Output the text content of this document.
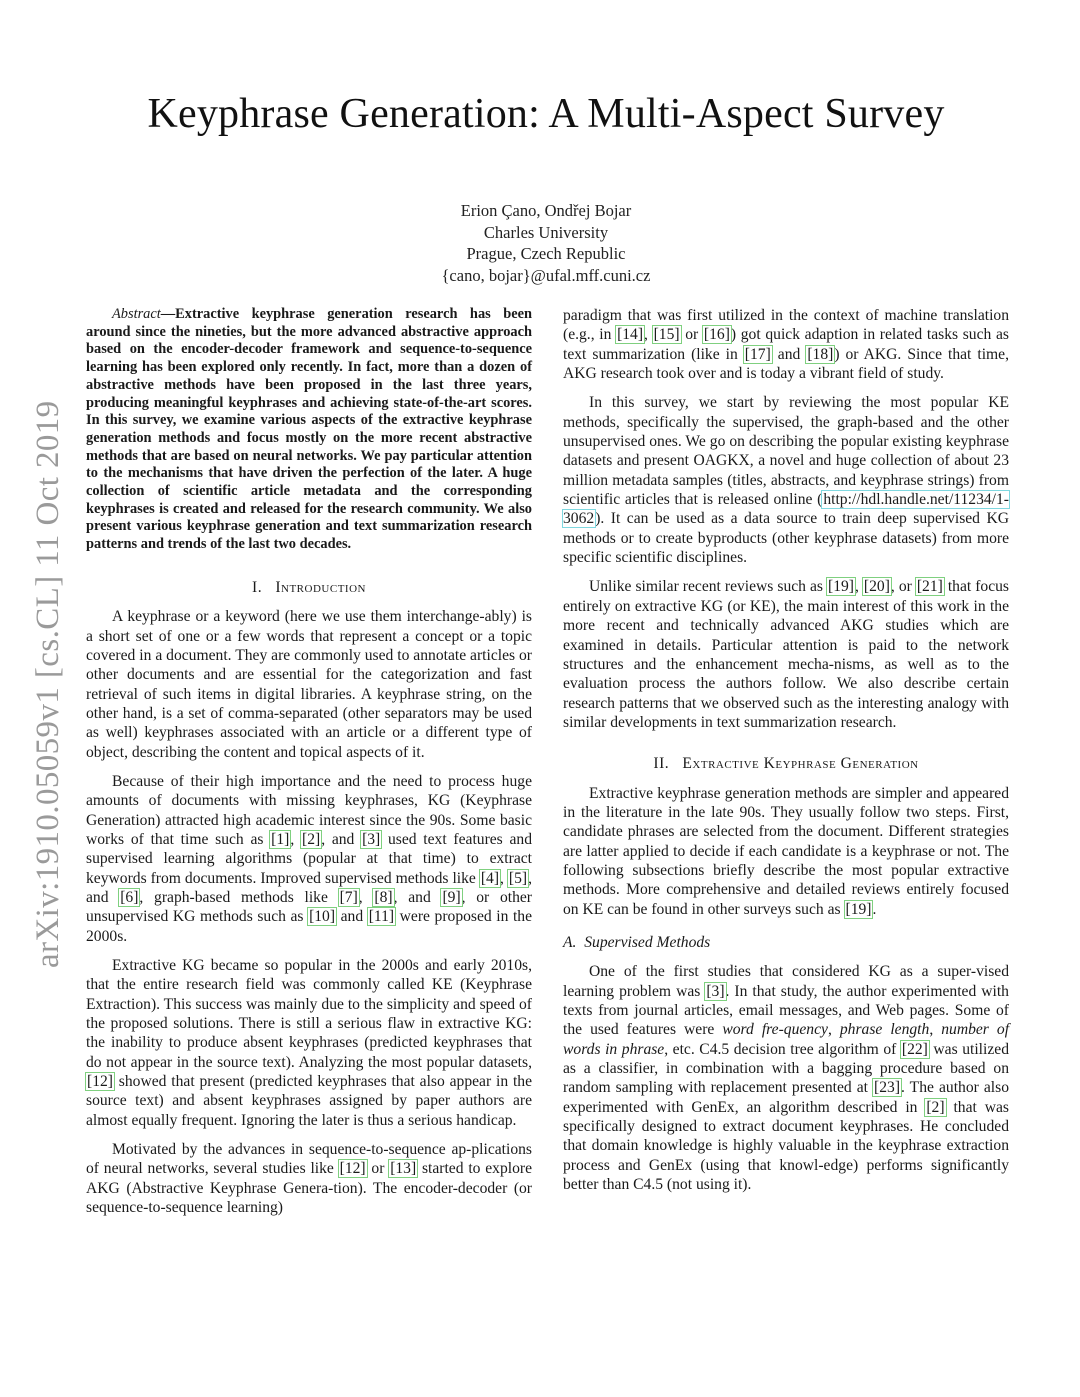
Keyphrase Generation: A Multi-Aspect Survey
Erion Çano, Ondřej Bojar
Charles University
Prague, Czech Republic
{cano, bojar}@ufal.mff.cuni.cz
arXiv:1910.05059v1 [cs.CL] 11 Oct 2019

Abstract—Extractive keyphrase generation research has been around since the nineties, but the more advanced abstractive approach based on the encoder-decoder framework and sequence-to-sequence learning has been explored only recently. In fact, more than a dozen of abstractive methods have been proposed in the last three years, producing meaningful keyphrases and achieving state-of-the-art scores. In this survey, we examine various aspects of the extractive keyphrase generation methods and focus mostly on the more recent abstractive methods that are based on neural networks. We pay particular attention to the mechanisms that have driven the perfection of the later. A huge collection of scientific article metadata and the corresponding keyphrases is created and released for the research community. We also present various keyphrase generation and text summarization research patterns and trends of the last two decades.

I. Introduction

A keyphrase or a keyword (here we use them interchange-ably) is a short set of one or a few words that represent a concept or a topic covered in a document. They are commonly used to annotate articles or other documents and are essential for the categorization and fast retrieval of such items in digital libraries. A keyphrase string, on the other hand, is a set of comma-separated (other separators may be used as well) keyphrases associated with an article or a different type of object, describing the content and topical aspects of it.

Because of their high importance and the need to process huge amounts of documents with missing keyphrases, KG (Keyphrase Generation) attracted high academic interest since the 90s. Some basic works of that time such as [1], [2], and [3] used text features and supervised learning algorithms (popular at that time) to extract keywords from documents. Improved supervised methods like [4], [5], and [6], graph-based methods like [7], [8], and [9], or other unsupervised KG methods such as [10] and [11] were proposed in the 2000s.

Extractive KG became so popular in the 2000s and early 2010s, that the entire research field was commonly called KE (Keyphrase Extraction). This success was mainly due to the simplicity and speed of the proposed solutions. There is still a serious flaw in extractive KG: the inability to produce absent keyphrases (predicted keyphrases that do not appear in the source text). Analyzing the most popular datasets, [12] showed that present (predicted keyphrases that also appear in the source text) and absent keyphrases assigned by paper authors are almost equally frequent. Ignoring the later is thus a serious handicap.

Motivated by the advances in sequence-to-sequence ap-plications of neural networks, several studies like [12] or [13] started to explore AKG (Abstractive Keyphrase Genera-tion). The encoder-decoder (or sequence-to-sequence learning)

paradigm that was first utilized in the context of machine translation (e.g., in [14], [15] or [16]) got quick adaption in related tasks such as text summarization (like in [17] and [18]) or AKG. Since that time, AKG research took over and is today a vibrant field of study.

In this survey, we start by reviewing the most popular KE methods, specifically the supervised, the graph-based and the other unsupervised ones. We go on describing the popular existing keyphrase datasets and present OAGKX, a novel and huge collection of about 23 million metadata samples (titles, abstracts, and keyphrase strings) from scientific articles that is released online (http://hdl.handle.net/11234/1-3062). It can be used as a data source to train deep supervised KG methods or to create byproducts (other keyphrase datasets) from more specific scientific disciplines.

Unlike similar recent reviews such as [19], [20], or [21] that focus entirely on extractive KG (or KE), the main interest of this work in the more recent and technically advanced AKG studies which are examined in details. Particular attention is paid to the network structures and the enhancement mecha-nisms, as well as to the evaluation process the authors follow. We also describe certain research patterns that we observed such as the interesting analogy with similar developments in text summarization research.

II. Extractive Keyphrase Generation

Extractive keyphrase generation methods are simpler and appeared in the literature in the late 90s. They usually follow two steps. First, candidate phrases are selected from the document. Different strategies are latter applied to decide if each candidate is a keyphrase or not. The following subsections briefly describe the most popular extractive methods. More comprehensive and detailed reviews entirely focused on KE can be found in other surveys such as [19].

A. Supervised Methods

One of the first studies that considered KG as a super-vised learning problem was [3]. In that study, the author experimented with texts from journal articles, email messages, and Web pages. Some of the used features were word fre-quency, phrase length, number of words in phrase, etc. C4.5 decision tree algorithm of [22] was utilized as a classifier, in combination with a bagging procedure based on random sampling with replacement presented at [23]. The author also experimented with GenEx, an algorithm described in [2] that was specifically designed to extract document keyphrases. He concluded that domain knowledge is highly valuable in the keyphrase extraction process and GenEx (using that knowl-edge) performs significantly better than C4.5 (not using it).
